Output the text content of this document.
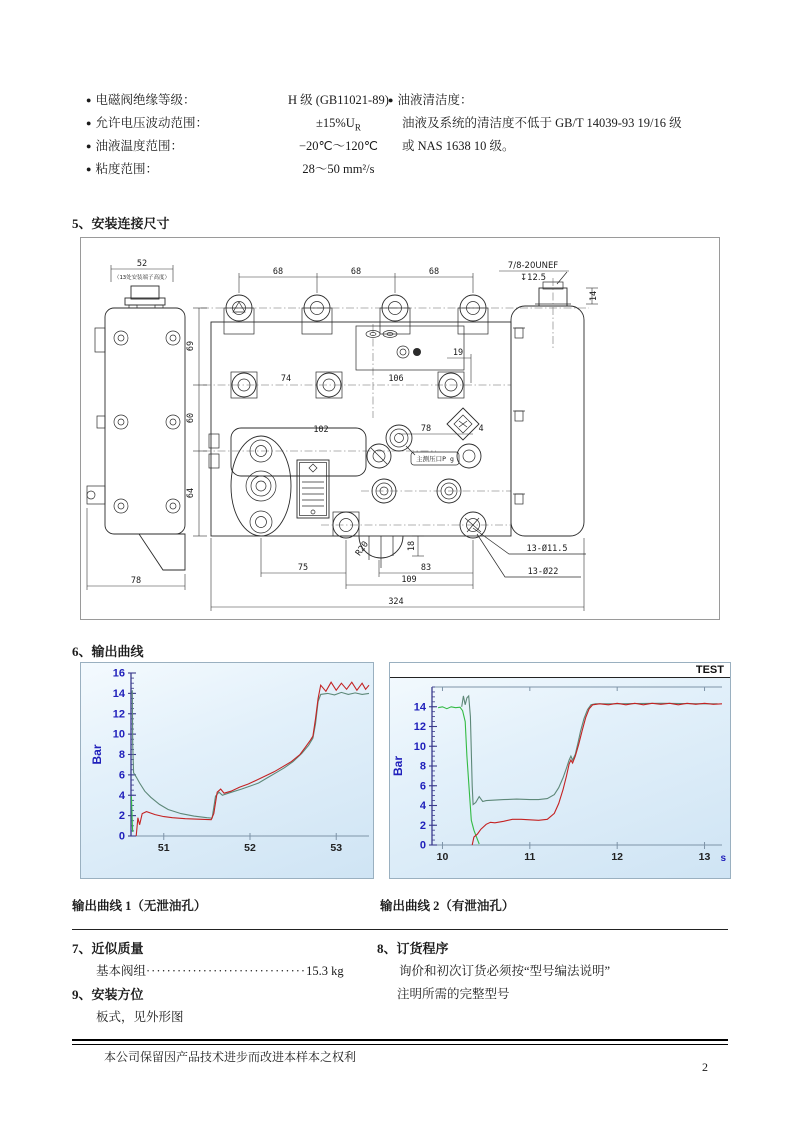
● 电磁阀绝缘等级：	H 级 (GB11021-89)
● 允许电压波动范围：	$\pm 15\%U_R$
● 油液温度范围：	−20℃～120℃
● 粘度范围：	28～50 mm²/s
● 油液清洁度：
油液及系统的清洁度不低于 GB/T 14039-93 19/16 级
或 NAS 1638 10 级。
5、安装连接尺寸
52
（13处安装端子高度）
78
68	68	68
69
60
64
74	106
19
102
主测压口P g
78	4
R20	18
75	83
109
324
13-Ø11.5
13-Ø22
7/8-20UNEF
↧12.5
14
6、输出曲线
0
2
4
6
8
10
12
14
16
51	52	53
Bar
TEST
0
2
4
6
8
10
12
14
10	11	12	13
Bar
s
输出曲线 1（无泄油孔）	输出曲线 2（有泄油孔）
7、近似质量
基本阀组 ······························· 15.3 kg
9、安装方位
板式，见外形图
8、订货程序
询价和初次订货必须按“型号编法说明”
注明所需的完整型号
本公司保留因产品技术进步而改进本样本之权利
2
